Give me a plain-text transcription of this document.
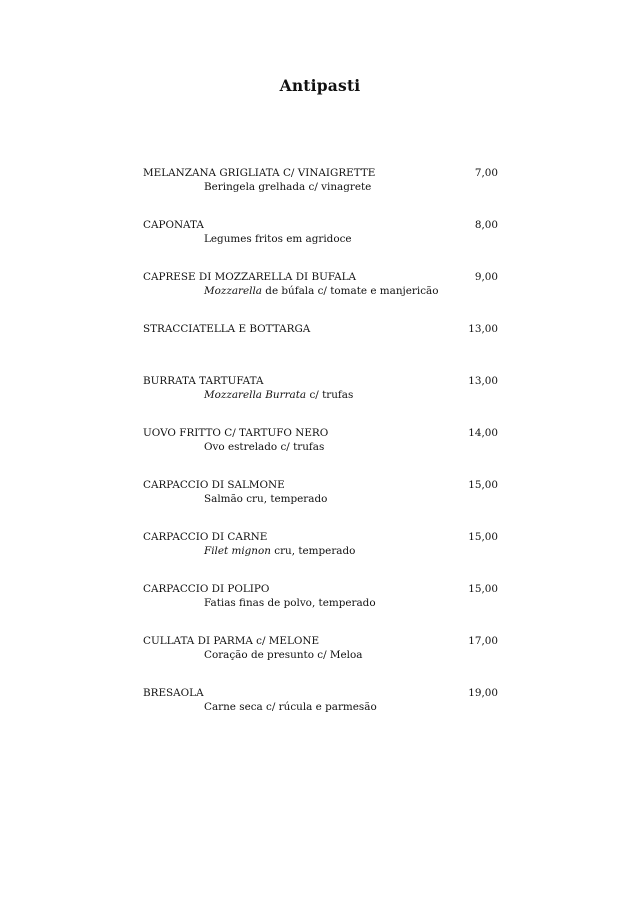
Antipasti
MELANZANA GRIGLIATA C/ VINAIGRETTE	7,00
Beringela grelhada c/ vinagrete
CAPONATA	8,00
Legumes fritos em agridoce
CAPRESE DI MOZZARELLA DI BUFALA	9,00
Mozzarella de búfala c/ tomate e manjericão
STRACCIATELLA E BOTTARGA	13,00
BURRATA TARTUFATA	13,00
Mozzarella Burrata c/ trufas
UOVO FRITTO C/ TARTUFO NERO	14,00
Ovo estrelado c/ trufas
CARPACCIO DI SALMONE	15,00
Salmão cru, temperado
CARPACCIO DI CARNE	15,00
Filet mignon cru, temperado
CARPACCIO DI POLIPO	15,00
Fatias finas de polvo, temperado
CULLATA DI PARMA c/ MELONE	17,00
Coração de presunto c/ Meloa
BRESAOLA	19,00
Carne seca c/ rúcula e parmesão
